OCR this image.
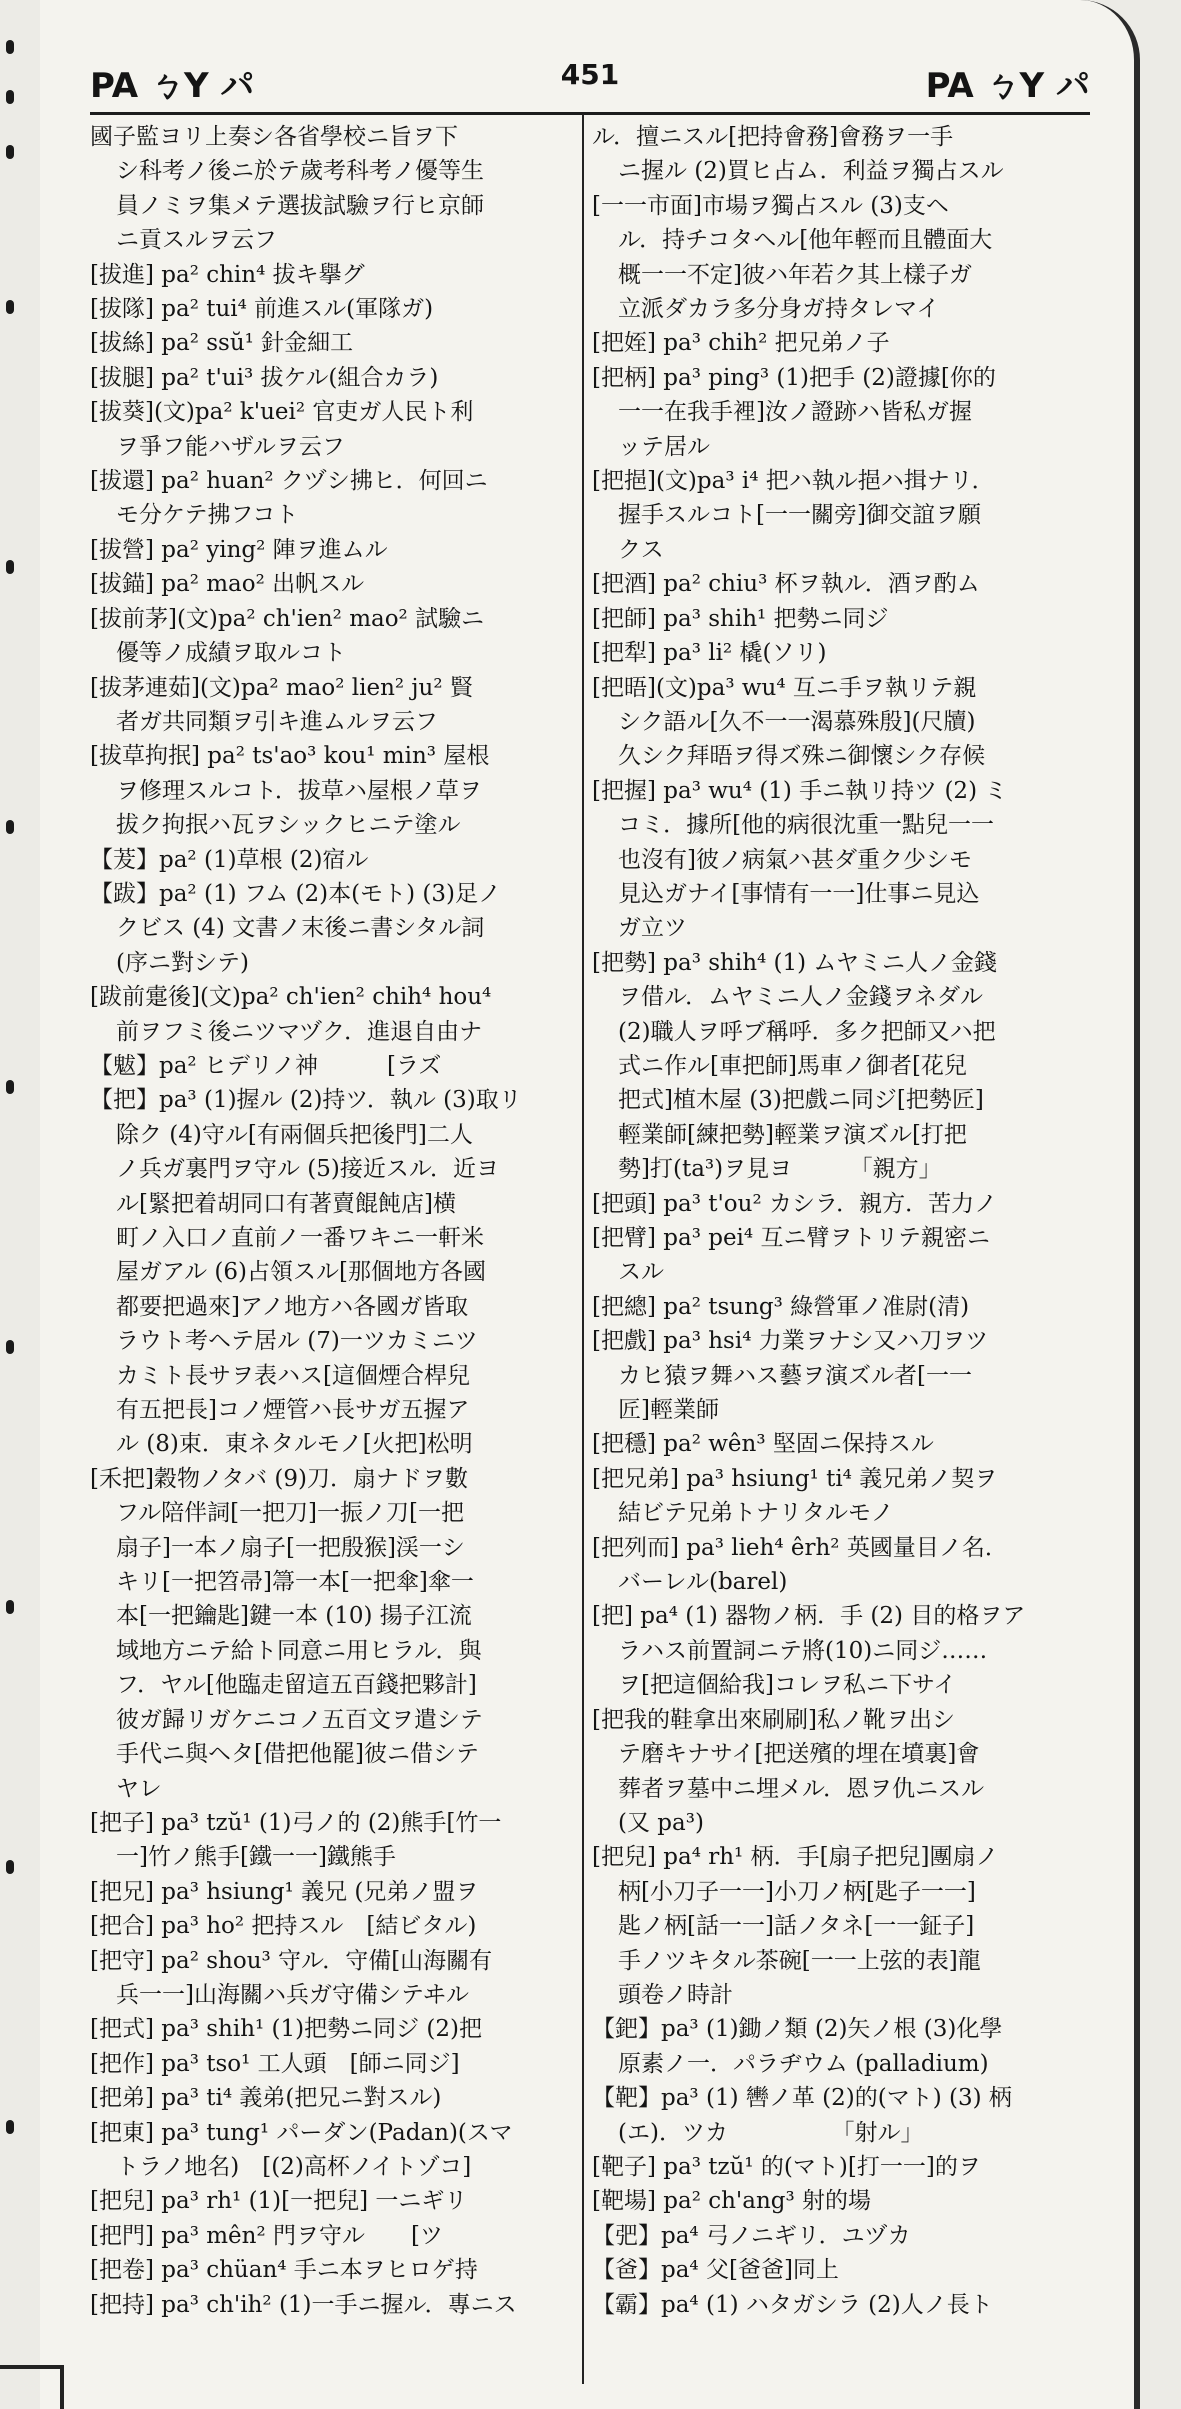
PA ㄅY パ	451	PA ㄅY パ
國子監ヨリ上奏シ各省學校ニ旨ヲ下
シ科考ノ後ニ於テ歲考科考ノ優等生
員ノミヲ集メテ選拔試驗ヲ行ヒ京師
ニ貢スルヲ云フ
[拔進] pa² chin⁴ 拔キ擧グ
[拔隊] pa² tui⁴ 前進スル(軍隊ガ)
[拔絲] pa² ssŭ¹ 針金細工
[拔腿] pa² t'ui³ 拔ケル(組合カラ)
[拔葵](文)pa² k'uei² 官吏ガ人民ト利
ヲ爭フ能ハザルヲ云フ
[拔還] pa² huan² クヅシ拂ヒ．何回ニ
モ分ケテ拂フコト
[拔營] pa² ying² 陣ヲ進ムル
[拔錨] pa² mao² 出帆スル
[拔前茅](文)pa² ch'ien² mao² 試驗ニ
優等ノ成績ヲ取ルコト
[拔茅連茹](文)pa² mao² lien² ju² 賢
者ガ共同類ヲ引キ進ムルヲ云フ
[拔草拘抿] pa² ts'ao³ kou¹ min³ 屋根
ヲ修理スルコト．拔草ハ屋根ノ草ヲ
拔ク拘抿ハ瓦ヲシックヒニテ塗ル
【茇】pa² (1)草根 (2)宿ル
【跋】pa² (1) フム (2)本(モト) (3)足ノ
クビス (4) 文書ノ末後ニ書シタル詞
(序ニ對シテ)
[跋前疐後](文)pa² ch'ien² chih⁴ hou⁴
前ヲフミ後ニツマヅク．進退自由ナ
【魃】pa² ヒデリノ神　　　[ラズ
【把】pa³ (1)握ル (2)持ツ．執ル (3)取リ
除ク (4)守ル[有兩個兵把後門]二人
ノ兵ガ裏門ヲ守ル (5)接近スル．近ヨ
ル[緊把着胡同口有著賣餛飩店]横
町ノ入口ノ直前ノ一番ワキニ一軒米
屋ガアル (6)占領スル[那個地方各國
都要把過來]アノ地方ハ各國ガ皆取
ラウト考ヘテ居ル (7)一ツカミニツ
カミト長サヲ表ハス[這個煙合桿兒
有五把長]コノ煙管ハ長サガ五握ア
ル (8)束．東ネタルモノ[火把]松明
[禾把]穀物ノタバ (9)刀．扇ナドヲ數
フル陪伴詞[一把刀]一振ノ刀[一把
扇子]一本ノ扇子[一把殷猴]渓一シ
キリ[一把笤帚]箒一本[一把傘]傘一
本[一把鑰匙]鍵一本 (10) 揚子江流
域地方ニテ給ト同意ニ用ヒラル．與
フ．ヤル[他臨走留這五百錢把夥計]
彼ガ歸リガケニコノ五百文ヲ遣シテ
手代ニ與ヘタ[借把他罷]彼ニ借シテ
ヤレ
[把子] pa³ tzŭ¹ (1)弓ノ的 (2)熊手[竹一
一]竹ノ熊手[鐵一一]鐵熊手
[把兄] pa³ hsiung¹ 義兄 (兄弟ノ盟ヲ
[把合] pa³ ho² 把持スル　[結ビタル)
[把守] pa² shou³ 守ル．守備[山海關有
兵一一]山海關ハ兵ガ守備シテヰル
[把式] pa³ shih¹ (1)把勢ニ同ジ (2)把
[把作] pa³ tso¹ 工人頭　[師ニ同ジ]
[把弟] pa³ ti⁴ 義弟(把兄ニ對スル)
[把東] pa³ tung¹ パーダン(Padan)(スマ
トラノ地名)　[(2)高杯ノイトゾコ]
[把兒] pa³ rh¹ (1)[一把兒] 一ニギリ
[把門] pa³ mên² 門ヲ守ル　　[ツ
[把卷] pa³ chüan⁴ 手ニ本ヲヒロゲ持
[把持] pa³ ch'ih² (1)一手ニ握ル．專ニス
ル．擅ニスル[把持會務]會務ヲ一手
ニ握ル (2)買ヒ占ム．利益ヲ獨占スル
[一一市面]市場ヲ獨占スル (3)支ヘ
ル．持チコタヘル[他年輕而且體面大
概一一不定]彼ハ年若ク其上樣子ガ
立派ダカラ多分身ガ持タレマイ
[把姪] pa³ chih² 把兄弟ノ子
[把柄] pa³ ping³ (1)把手 (2)證據[你的
一一在我手裡]汝ノ證跡ハ皆私ガ握
ッテ居ル
[把挹](文)pa³ i⁴ 把ハ執ル挹ハ揖ナリ．
握手スルコト[一一關旁]御交誼ヲ願
クス
[把酒] pa² chiu³ 杯ヲ執ル．酒ヲ酌ム
[把師] pa³ shih¹ 把勢ニ同ジ
[把犁] pa³ li² 橇(ソリ)
[把晤](文)pa³ wu⁴ 互ニ手ヲ執リテ親
シク語ル[久不一一渴慕殊殷](尺牘)
久シク拜晤ヲ得ズ殊ニ御懷シク存候
[把握] pa³ wu⁴ (1) 手ニ執リ持ツ (2) ミ
コミ．據所[他的病很沈重一點兒一一
也沒有]彼ノ病氣ハ甚ダ重ク少シモ
見込ガナイ[事情有一一]仕事ニ見込
ガ立ツ
[把勢] pa³ shih⁴ (1) ムヤミニ人ノ金錢
ヲ借ル．ムヤミニ人ノ金錢ヲネダル
(2)職人ヲ呼ブ稱呼．多ク把師又ハ把
式ニ作ル[車把師]馬車ノ御者[花兒
把式]植木屋 (3)把戲ニ同ジ[把勢匠]
輕業師[練把勢]輕業ヲ演ズル[打把
勢]打(ta³)ヲ見ヨ　　　「親方」
[把頭] pa³ t'ou² カシラ．親方．苦力ノ
[把臂] pa³ pei⁴ 互ニ臂ヲトリテ親密ニ
スル
[把總] pa² tsung³ 綠營軍ノ准尉(清)
[把戲] pa³ hsi⁴ 力業ヲナシ又ハ刀ヲツ
カヒ猿ヲ舞ハス藝ヲ演ズル者[一一
匠]輕業師
[把穩] pa² wên³ 堅固ニ保持スル
[把兄弟] pa³ hsiung¹ ti⁴ 義兄弟ノ契ヲ
結ビテ兄弟トナリタルモノ
[把列而] pa³ lieh⁴ êrh² 英國量目ノ名．
バーレル(barel)
[把] pa⁴ (1) 器物ノ柄．手 (2) 目的格ヲア
ラハス前置詞ニテ將(10)ニ同ジ……
ヲ[把這個給我]コレヲ私ニ下サイ
[把我的鞋拿出來刷刷]私ノ靴ヲ出シ
テ磨キナサイ[把送殯的埋在墳裏]會
葬者ヲ墓中ニ埋メル．恩ヲ仇ニスル
(又 pa³)
[把兒] pa⁴ rh¹ 柄．手[扇子把兒]團扇ノ
柄[小刀子一一]小刀ノ柄[匙子一一]
匙ノ柄[話一一]話ノタネ[一一鉦子]
手ノツキタル茶碗[一一上弦的表]龍
頭卷ノ時計
【鈀】pa³ (1)鋤ノ類 (2)矢ノ根 (3)化學
原素ノ一．パラヂウム (palladium)
【靶】pa³ (1) 轡ノ革 (2)的(マト) (3) 柄
(エ)．ツカ　　　　　「射ル」
[靶子] pa³ tzŭ¹ 的(マト)[打一一]的ヲ
[靶場] pa² ch'ang³ 射的場
【弝】pa⁴ 弓ノニギリ．ユヅカ
【爸】pa⁴ 父[爸爸]同上
【霸】pa⁴ (1) ハタガシラ (2)人ノ長ト
